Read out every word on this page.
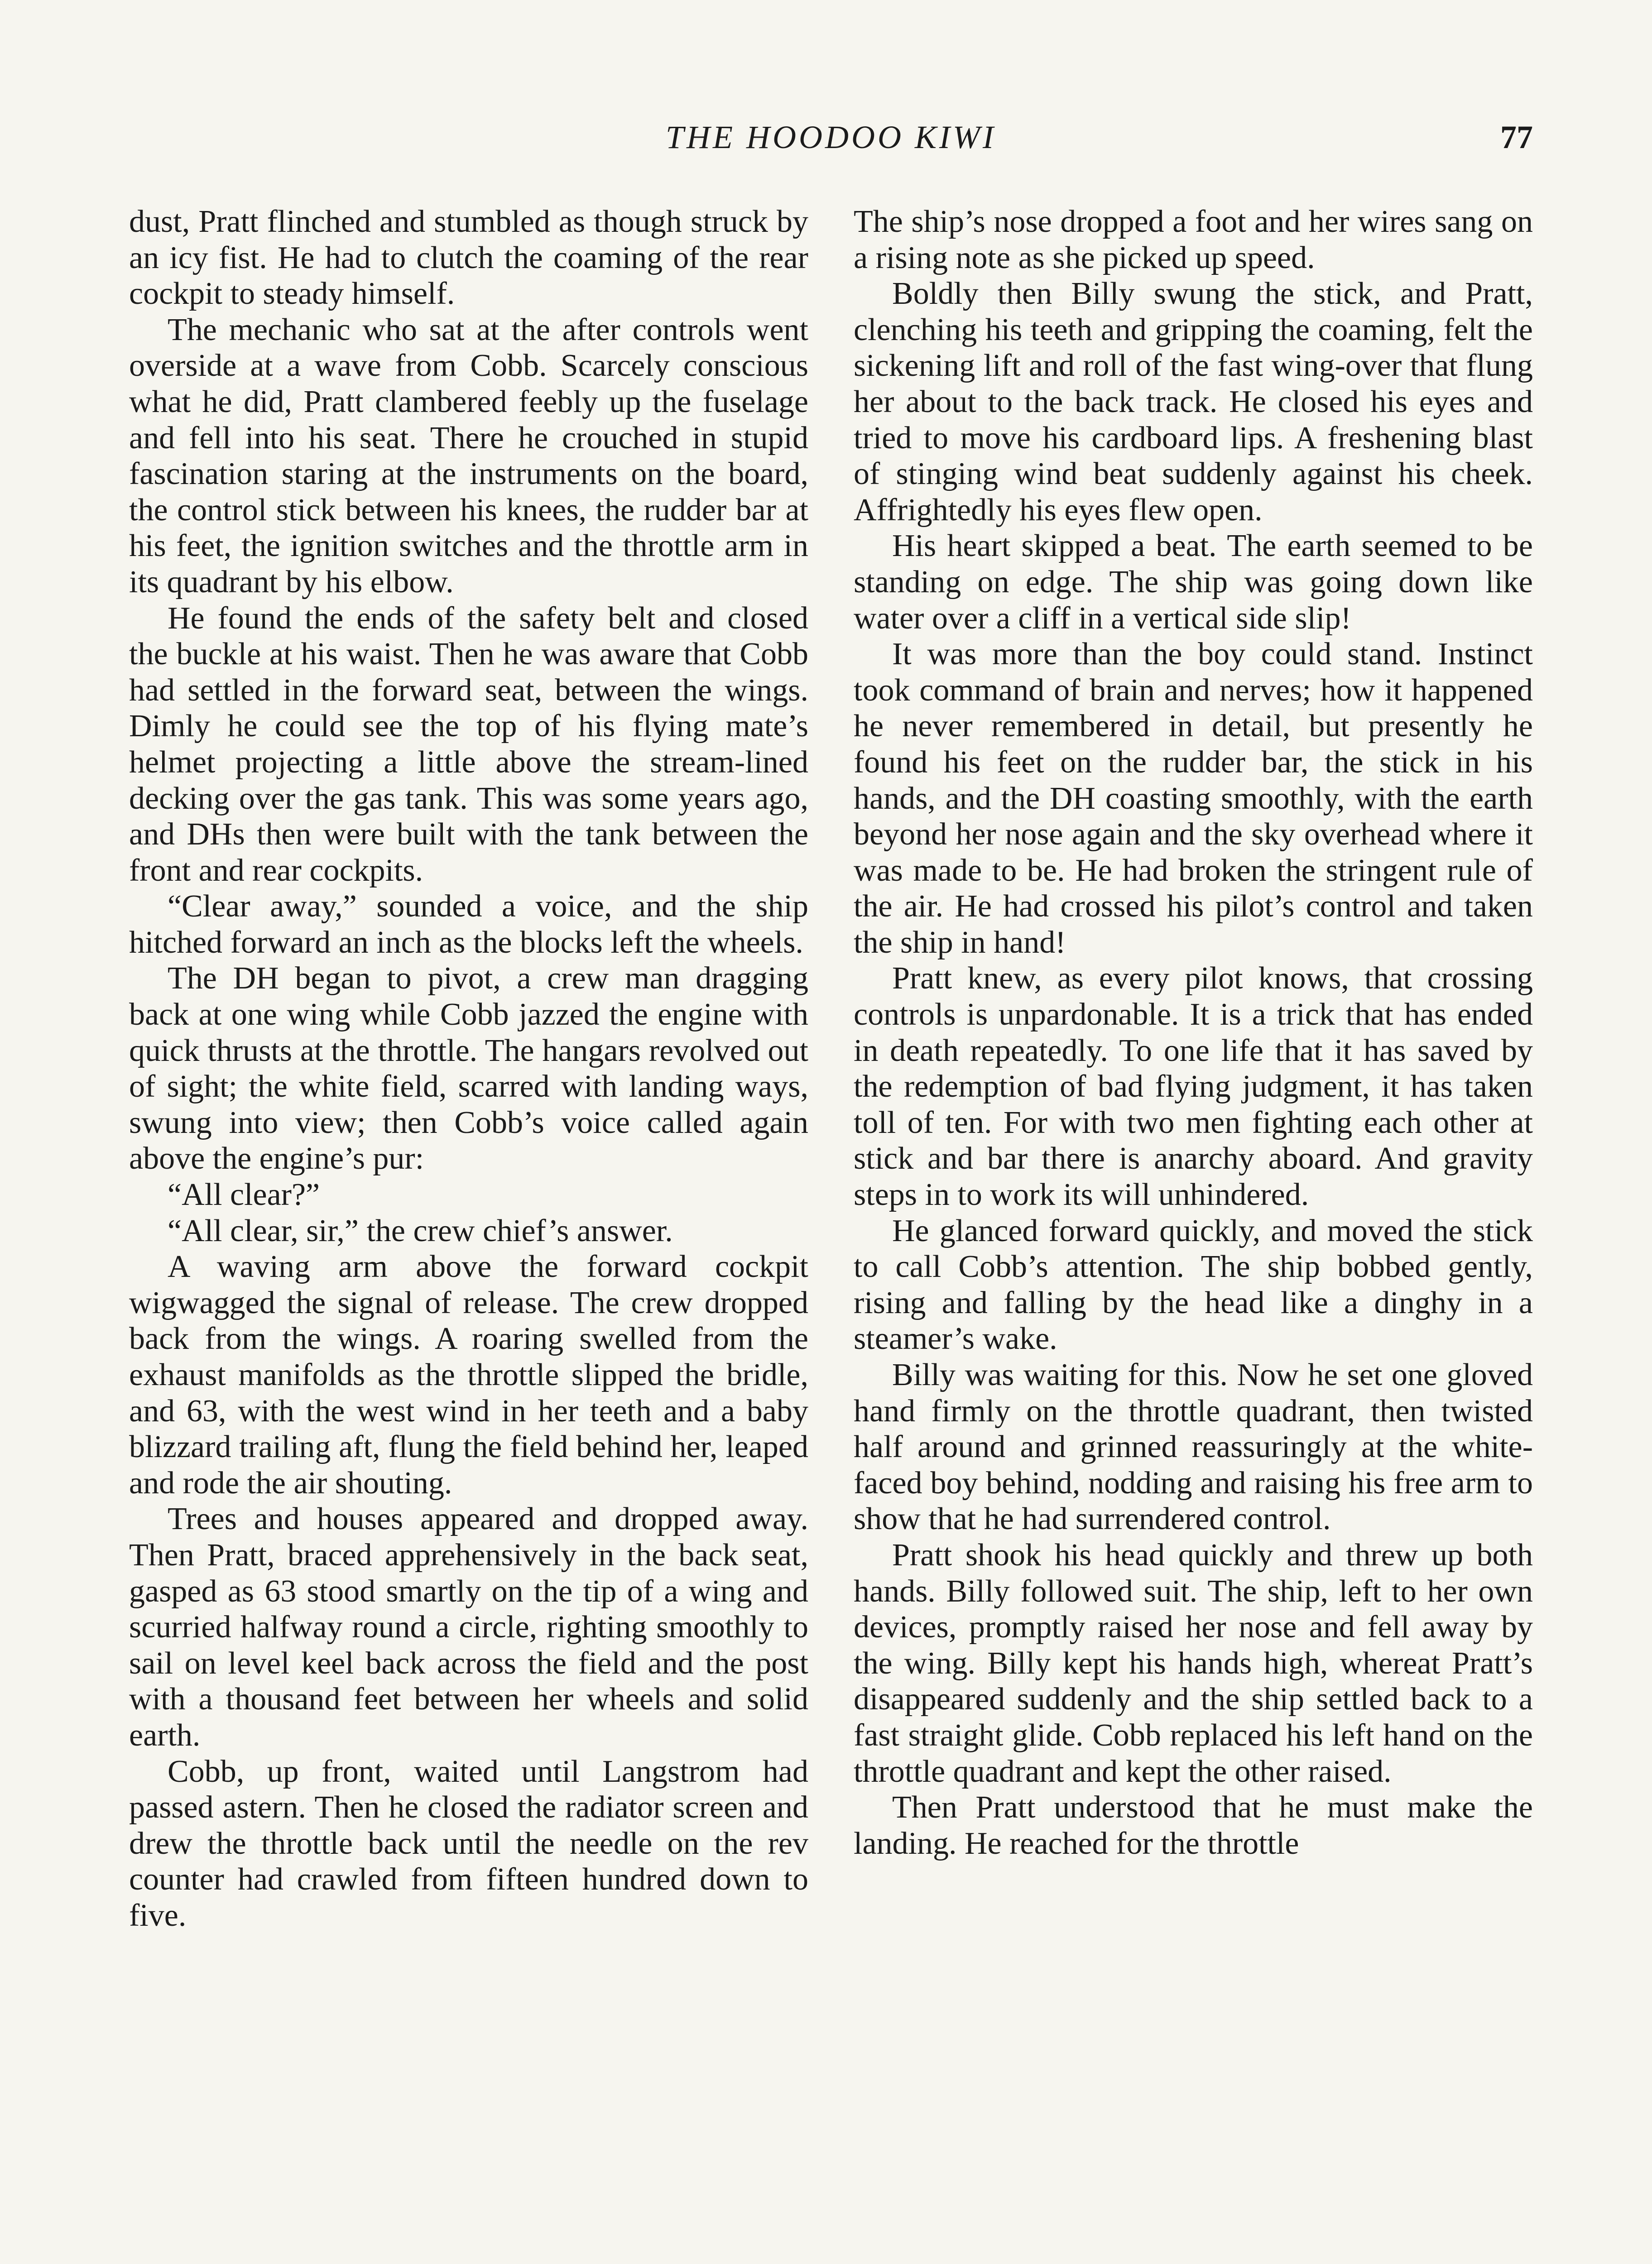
THE HOODOO KIWI	77

dust, Pratt flinched and stumbled as though struck by an icy fist. He had to clutch the coaming of the rear cockpit to steady himself.

The mechanic who sat at the after controls went overside at a wave from Cobb. Scarcely conscious what he did, Pratt clambered feebly up the fuselage and fell into his seat. There he crouched in stupid fascination staring at the instruments on the board, the control stick between his knees, the rudder bar at his feet, the ignition switches and the throttle arm in its quadrant by his elbow.

He found the ends of the safety belt and closed the buckle at his waist. Then he was aware that Cobb had settled in the forward seat, between the wings. Dimly he could see the top of his flying mate’s helmet projecting a little above the stream-lined decking over the gas tank. This was some years ago, and DHs then were built with the tank between the front and rear cockpits.

“Clear away,” sounded a voice, and the ship hitched forward an inch as the blocks left the wheels.

The DH began to pivot, a crew man dragging back at one wing while Cobb jazzed the engine with quick thrusts at the throttle. The hangars revolved out of sight; the white field, scarred with landing ways, swung into view; then Cobb’s voice called again above the engine’s pur:

“All clear?”

“All clear, sir,” the crew chief’s answer.

A waving arm above the forward cockpit wigwagged the signal of release. The crew dropped back from the wings. A roaring swelled from the exhaust manifolds as the throttle slipped the bridle, and 63, with the west wind in her teeth and a baby blizzard trailing aft, flung the field behind her, leaped and rode the air shouting.

Trees and houses appeared and dropped away. Then Pratt, braced apprehensively in the back seat, gasped as 63 stood smartly on the tip of a wing and scurried halfway round a circle, righting smoothly to sail on level keel back across the field and the post with a thousand feet between her wheels and solid earth.

Cobb, up front, waited until Langstrom had passed astern. Then he closed the radiator screen and drew the throttle back until the needle on the rev counter had crawled from fifteen hundred down to five.

The ship’s nose dropped a foot and her wires sang on a rising note as she picked up speed.

Boldly then Billy swung the stick, and Pratt, clenching his teeth and gripping the coaming, felt the sickening lift and roll of the fast wing-over that flung her about to the back track. He closed his eyes and tried to move his cardboard lips. A freshening blast of stinging wind beat suddenly against his cheek. Affrightedly his eyes flew open.

His heart skipped a beat. The earth seemed to be standing on edge. The ship was going down like water over a cliff in a vertical side slip!

It was more than the boy could stand. Instinct took command of brain and nerves; how it happened he never remembered in detail, but presently he found his feet on the rudder bar, the stick in his hands, and the DH coasting smoothly, with the earth beyond her nose again and the sky overhead where it was made to be. He had broken the stringent rule of the air. He had crossed his pilot’s control and taken the ship in hand!

Pratt knew, as every pilot knows, that crossing controls is unpardonable. It is a trick that has ended in death repeatedly. To one life that it has saved by the redemption of bad flying judgment, it has taken toll of ten. For with two men fighting each other at stick and bar there is anarchy aboard. And gravity steps in to work its will unhindered.

He glanced forward quickly, and moved the stick to call Cobb’s attention. The ship bobbed gently, rising and falling by the head like a dinghy in a steamer’s wake.

Billy was waiting for this. Now he set one gloved hand firmly on the throttle quadrant, then twisted half around and grinned reassuringly at the white-faced boy behind, nodding and raising his free arm to show that he had surrendered control.

Pratt shook his head quickly and threw up both hands. Billy followed suit. The ship, left to her own devices, promptly raised her nose and fell away by the wing. Billy kept his hands high, whereat Pratt’s disappeared suddenly and the ship settled back to a fast straight glide. Cobb replaced his left hand on the throttle quadrant and kept the other raised.

Then Pratt understood that he must make the landing. He reached for the throttle
